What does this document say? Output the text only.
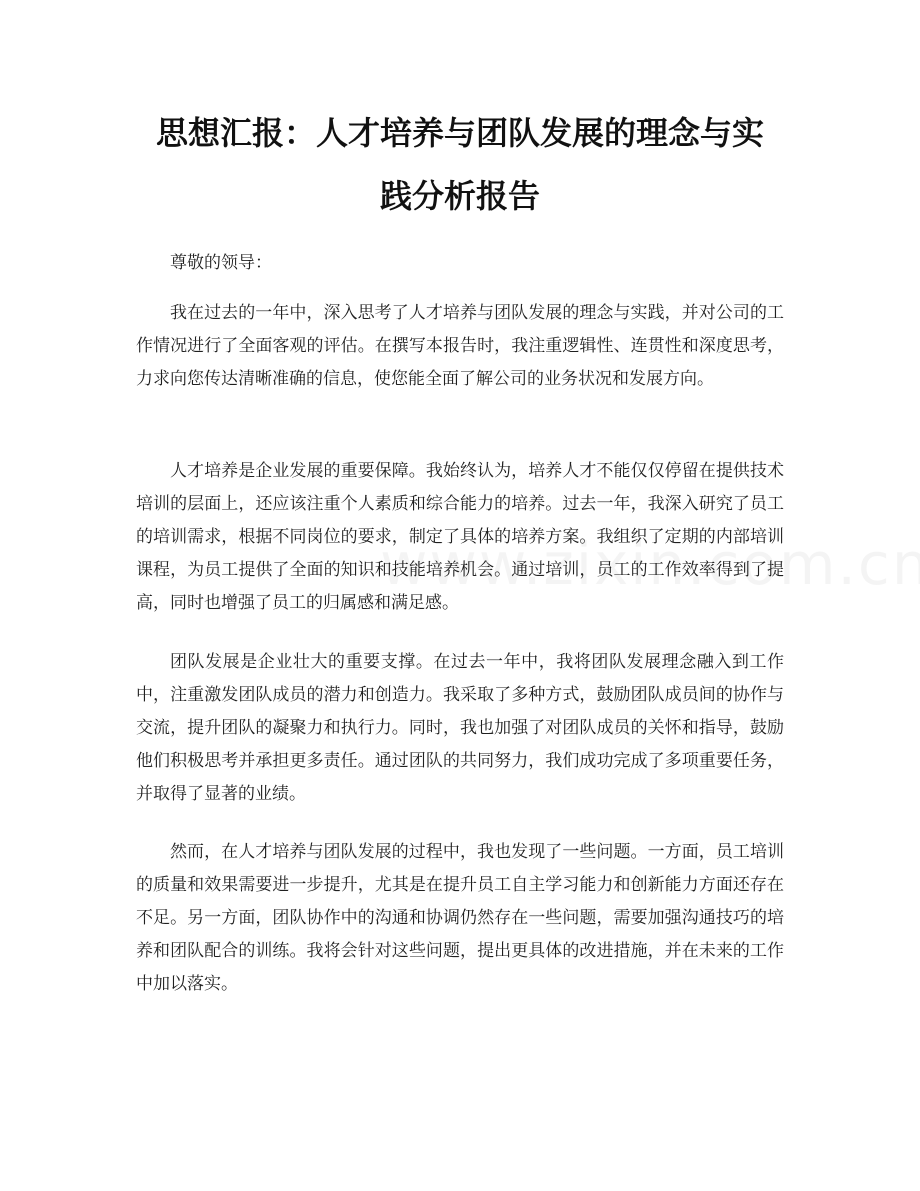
思想汇报：人才培养与团队发展的理念与实
践分析报告

尊敬的领导：

我在过去的一年中，深入思考了人才培养与团队发展的理念与实践，并对公司的工作情况进行了全面客观的评估。在撰写本报告时，我注重逻辑性、连贯性和深度思考，力求向您传达清晰准确的信息，使您能全面了解公司的业务状况和发展方向。

人才培养是企业发展的重要保障。我始终认为，培养人才不能仅仅停留在提供技术培训的层面上，还应该注重个人素质和综合能力的培养。过去一年，我深入研究了员工的培训需求，根据不同岗位的要求，制定了具体的培养方案。我组织了定期的内部培训课程，为员工提供了全面的知识和技能培养机会。通过培训，员工的工作效率得到了提高，同时也增强了员工的归属感和满足感。

团队发展是企业壮大的重要支撑。在过去一年中，我将团队发展理念融入到工作中，注重激发团队成员的潜力和创造力。我采取了多种方式，鼓励团队成员间的协作与交流，提升团队的凝聚力和执行力。同时，我也加强了对团队成员的关怀和指导，鼓励他们积极思考并承担更多责任。通过团队的共同努力，我们成功完成了多项重要任务，并取得了显著的业绩。

然而，在人才培养与团队发展的过程中，我也发现了一些问题。一方面，员工培训的质量和效果需要进一步提升，尤其是在提升员工自主学习能力和创新能力方面还存在不足。另一方面，团队协作中的沟通和协调仍然存在一些问题，需要加强沟通技巧的培养和团队配合的训练。我将会针对这些问题，提出更具体的改进措施，并在未来的工作中加以落实。
